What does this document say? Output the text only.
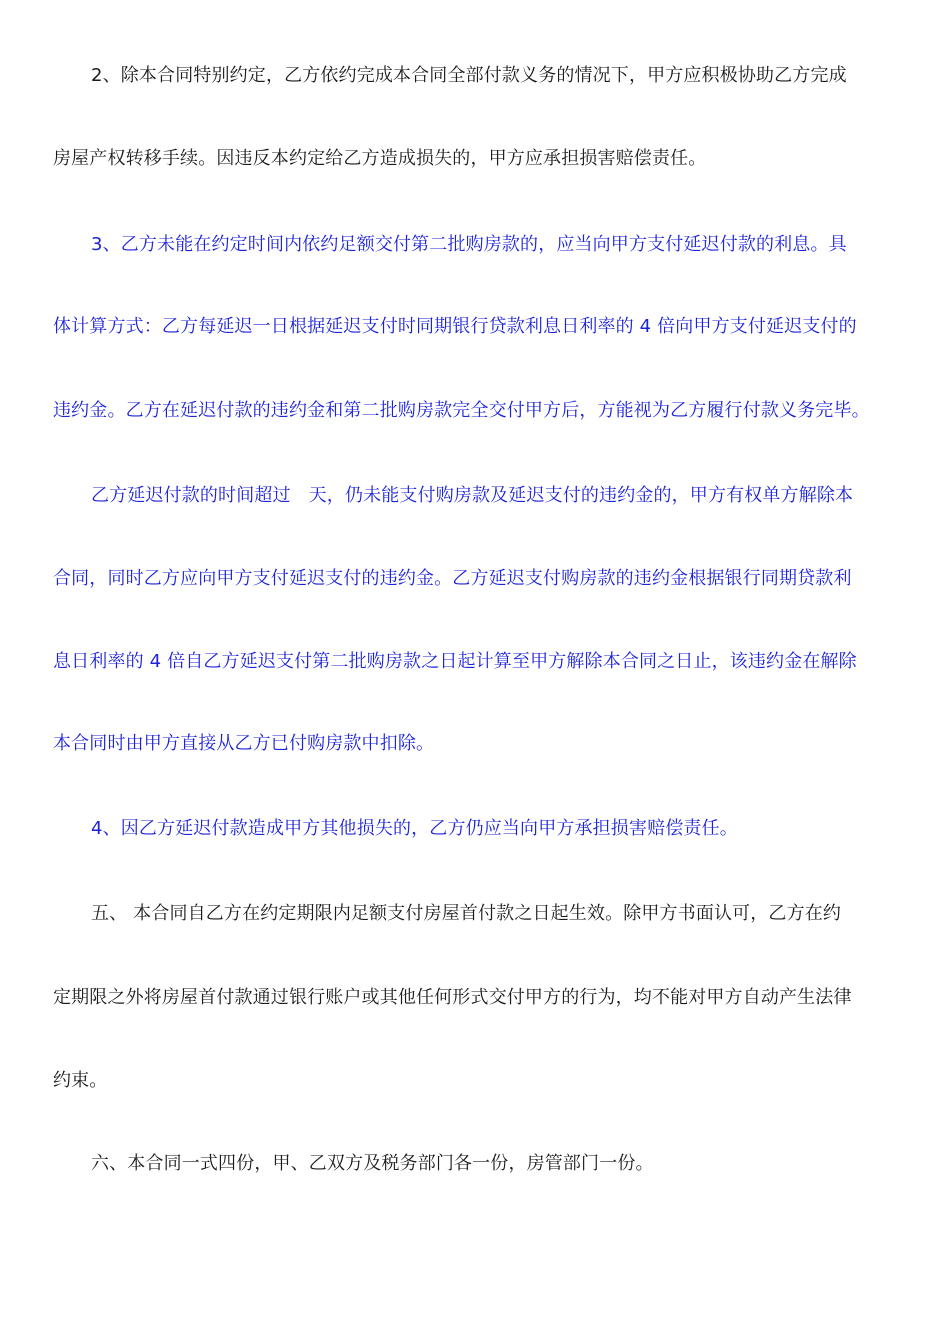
2、除本合同特别约定，乙方依约完成本合同全部付款义务的情况下，甲方应积极协助乙方完成
房屋产权转移手续。因违反本约定给乙方造成损失的，甲方应承担损害赔偿责任。
3、乙方未能在约定时间内依约足额交付第二批购房款的，应当向甲方支付延迟付款的利息。具
体计算方式：乙方每延迟一日根据延迟支付时同期银行贷款利息日利率的 4 倍向甲方支付延迟支付的
违约金。乙方在延迟付款的违约金和第二批购房款完全交付甲方后，方能视为乙方履行付款义务完毕。
乙方延迟付款的时间超过 天，仍未能支付购房款及延迟支付的违约金的，甲方有权单方解除本
合同，同时乙方应向甲方支付延迟支付的违约金。乙方延迟支付购房款的违约金根据银行同期贷款利
息日利率的 4 倍自乙方延迟支付第二批购房款之日起计算至甲方解除本合同之日止，该违约金在解除
本合同时由甲方直接从乙方已付购房款中扣除。
4、因乙方延迟付款造成甲方其他损失的，乙方仍应当向甲方承担损害赔偿责任。
五、 本合同自乙方在约定期限内足额支付房屋首付款之日起生效。除甲方书面认可，乙方在约
定期限之外将房屋首付款通过银行账户或其他任何形式交付甲方的行为，均不能对甲方自动产生法律
约束。
六、本合同一式四份，甲、乙双方及税务部门各一份，房管部门一份。
